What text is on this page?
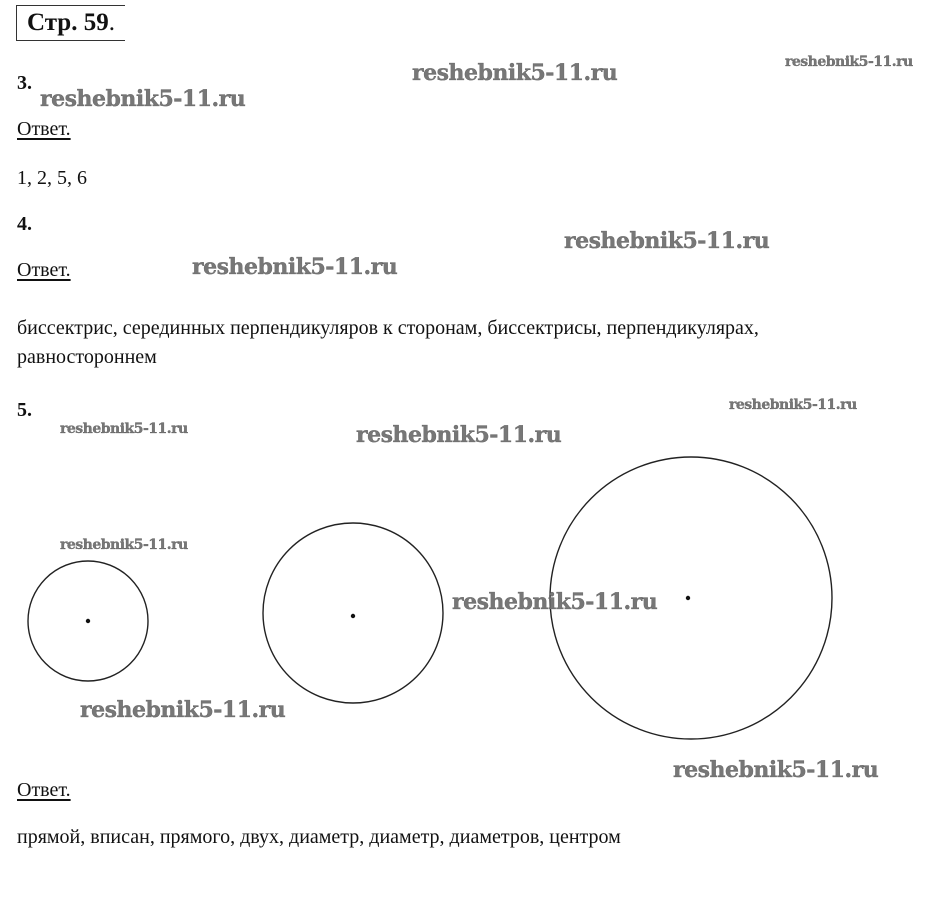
Стр. 59 .
3.
Ответ.
1, 2, 5, 6
4.
Ответ.
биссектрис, серединных перпендикуляров к сторонам, биссектрисы, перпендикулярах,
равностороннем
5.
Ответ.
прямой, вписан, прямого, двух, диаметр, диаметр, диаметров, центром
reshebnik5-11.ru	reshebnik5-11.ru
reshebnik5-11.ru
reshebnik5-11.ru
reshebnik5-11.ru
reshebnik5-11.ru
reshebnik5-11.ru	reshebnik5-11.ru
reshebnik5-11.ru
reshebnik5-11.ru
reshebnik5-11.ru
reshebnik5-11.ru
